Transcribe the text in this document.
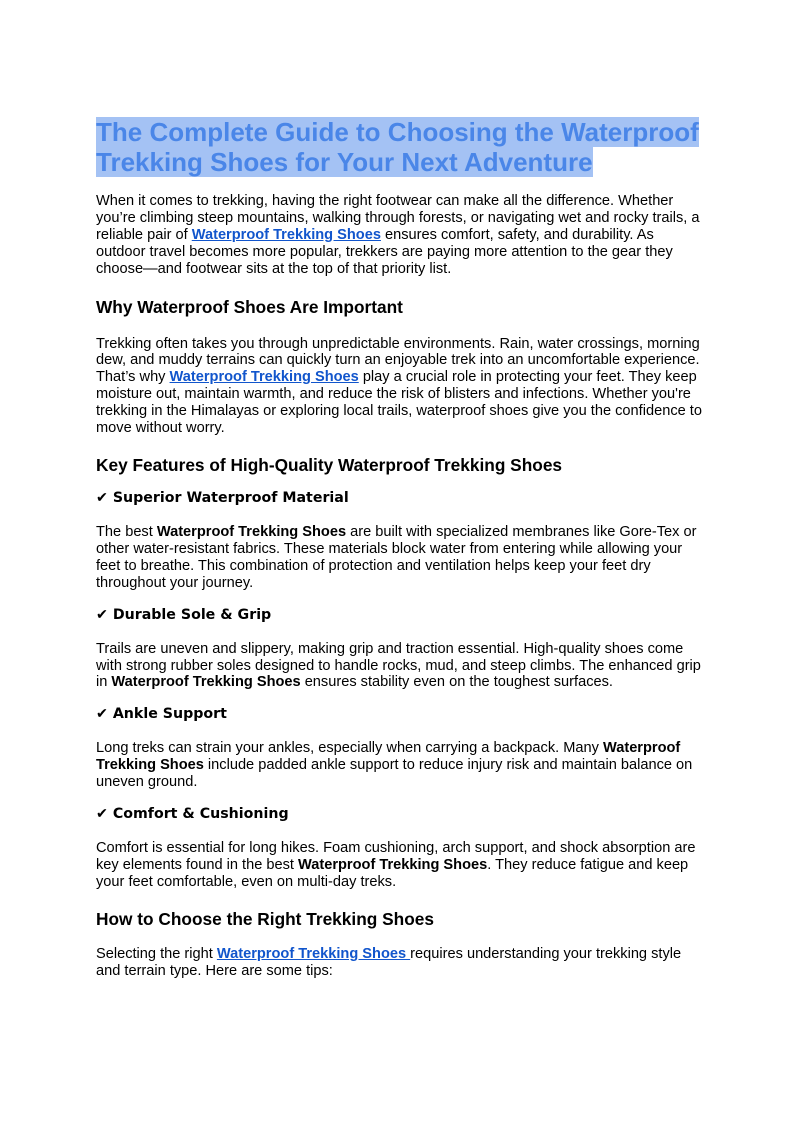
The Complete Guide to Choosing the Waterproof
Trekking Shoes for Your Next Adventure

When it comes to trekking, having the right footwear can make all the difference. Whether you’re climbing steep mountains, walking through forests, or navigating wet and rocky trails, a reliable pair of Waterproof Trekking Shoes ensures comfort, safety, and durability. As outdoor travel becomes more popular, trekkers are paying more attention to the gear they choose—and footwear sits at the top of that priority list.

Why Waterproof Shoes Are Important

Trekking often takes you through unpredictable environments. Rain, water crossings, morning dew, and muddy terrains can quickly turn an enjoyable trek into an uncomfortable experience. That’s why Waterproof Trekking Shoes play a crucial role in protecting your feet. They keep moisture out, maintain warmth, and reduce the risk of blisters and infections. Whether you're trekking in the Himalayas or exploring local trails, waterproof shoes give you the confidence to move without worry.

Key Features of High-Quality Waterproof Trekking Shoes
✔ Superior Waterproof Material

The best Waterproof Trekking Shoes are built with specialized membranes like Gore-Tex or other water-resistant fabrics. These materials block water from entering while allowing your feet to breathe. This combination of protection and ventilation helps keep your feet dry throughout your journey.

✔ Durable Sole & Grip

Trails are uneven and slippery, making grip and traction essential. High-quality shoes come with strong rubber soles designed to handle rocks, mud, and steep climbs. The enhanced grip in Waterproof Trekking Shoes ensures stability even on the toughest surfaces.

✔ Ankle Support

Long treks can strain your ankles, especially when carrying a backpack. Many Waterproof Trekking Shoes include padded ankle support to reduce injury risk and maintain balance on uneven ground.

✔ Comfort & Cushioning

Comfort is essential for long hikes. Foam cushioning, arch support, and shock absorption are key elements found in the best Waterproof Trekking Shoes. They reduce fatigue and keep your feet comfortable, even on multi-day treks.

How to Choose the Right Trekking Shoes

Selecting the right Waterproof Trekking Shoes requires understanding your trekking style and terrain type. Here are some tips:
